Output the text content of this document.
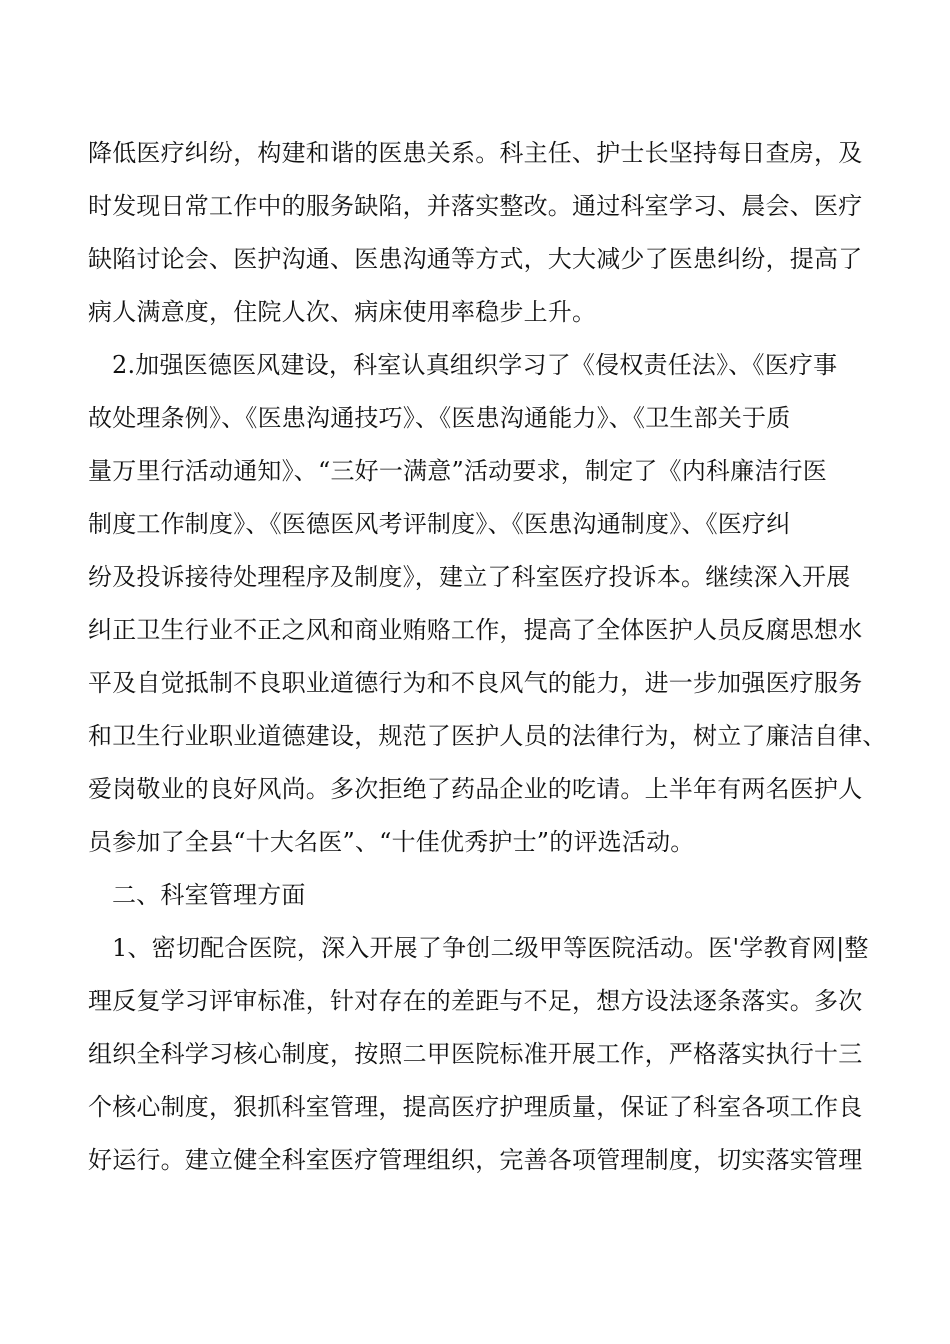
降低医疗纠纷，构建和谐的医患关系。科主任、护士长坚持每日查房，及
时发现日常工作中的服务缺陷，并落实整改。通过科室学习、晨会、医疗
缺陷讨论会、医护沟通、医患沟通等方式，大大减少了医患纠纷，提高了
病人满意度，住院人次、病床使用率稳步上升。
2.加强医德医风建设，科室认真组织学习了《侵权责任法》、《医疗事
故处理条例》、《医患沟通技巧》、《医患沟通能力》、《卫生部关于质
量万里行活动通知》、“三好一满意”活动要求，制定了《内科廉洁行医
制度工作制度》、《医德医风考评制度》、《医患沟通制度》、《医疗纠
纷及投诉接待处理程序及制度》，建立了科室医疗投诉本。继续深入开展
纠正卫生行业不正之风和商业贿赂工作，提高了全体医护人员反腐思想水
平及自觉抵制不良职业道德行为和不良风气的能力，进一步加强医疗服务
和卫生行业职业道德建设，规范了医护人员的法律行为，树立了廉洁自律、
爱岗敬业的良好风尚。多次拒绝了药品企业的吃请。上半年有两名医护人
员参加了全县“十大名医”、“十佳优秀护士”的评选活动。
二、科室管理方面
1、密切配合医院，深入开展了争创二级甲等医院活动。医'学教育网|整
理反复学习评审标准，针对存在的差距与不足，想方设法逐条落实。多次
组织全科学习核心制度，按照二甲医院标准开展工作，严格落实执行十三
个核心制度，狠抓科室管理，提高医疗护理质量，保证了科室各项工作良
好运行。建立健全科室医疗管理组织，完善各项管理制度，切实落实管理
